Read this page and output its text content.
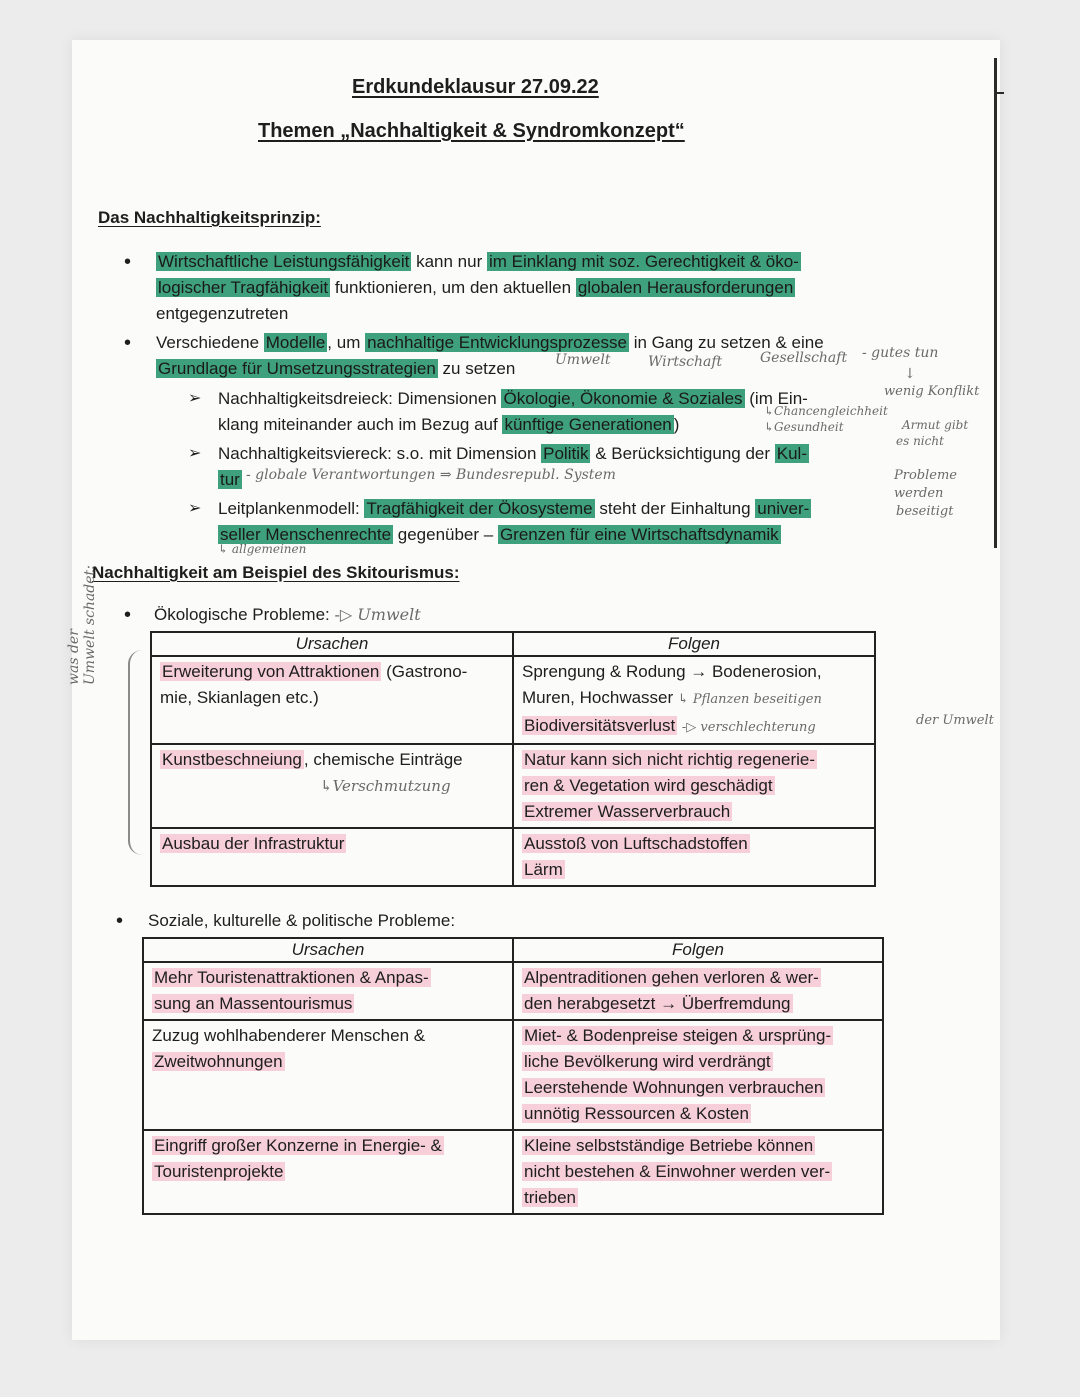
Erdkundeklausur 27.09.22
Themen „Nachhaltigkeit & Syndromkonzept“
Das Nachhaltigkeitsprinzip:
• Wirtschaftliche Leistungsfähigkeit kann nur im Einklang mit soz. Gerechtigkeit & öko-
logischer Tragfähigkeit funktionieren, um den aktuellen globalen Herausforderungen
entgegenzutreten
• Verschiedene Modelle , um nachhaltige Entwicklungsprozesse in Gang zu setzen & eine
Grundlage für Umsetzungsstrategien zu setzen
➢ Nachhaltigkeitsdreieck: Dimensionen Ökologie, Ökonomie & Soziales (im Ein-
klang miteinander auch im Bezug auf künftige Generationen )
➢ Nachhaltigkeitsviereck: s.o. mit Dimension Politik & Berücksichtigung der Kul-
tur
➢ Leitplankenmodell: Tragfähigkeit der Ökosysteme steht der Einhaltung univer-
seller Menschenrechte gegenüber – Grenzen für eine Wirtschaftsdynamik
Umwelt	Wirtschaft	Gesellschaft - gutes tun
↓
wenig Konflikt
↳Chancengleichheit
↳Gesundheit	Armut gibt
es nicht
Probleme
werden
beseitigt
- globale Verantwortungen ⇒ Bundesrepubl. System
↳ allgemeinen
Nachhaltigkeit am Beispiel des Skitourismus:
• Ökologische Probleme: -▷ Umwelt
was der Umwelt schadet:	Ursachen	Folgen
Erweiterung von Attraktionen (Gastrono-
mie, Skianlagen etc.)	Sprengung & Rodung → Bodenerosion,
Muren, Hochwasser ↳ Pflanzen beseitigen
Biodiversitätsverlust -▷ verschlechterung
Kunstbeschneiung , chemische Einträge
↳Verschmutzung	Natur kann sich nicht richtig regenerie-
ren & Vegetation wird geschädigt
Extremer Wasserverbrauch
Ausbau der Infrastruktur	Ausstoß von Luftschadstoffen
Lärm
der Umwelt
• Soziale, kulturelle & politische Probleme:
Ursachen	Folgen
Mehr Touristenattraktionen & Anpas-
sung an Massentourismus	Alpentraditionen gehen verloren & wer-
den herabgesetzt → Überfremdung
Zuzug wohlhabenderer Menschen &
Zweitwohnungen	Miet- & Bodenpreise steigen & ursprüng-
liche Bevölkerung wird verdrängt
Leerstehende Wohnungen verbrauchen
unnötig Ressourcen & Kosten
Eingriff großer Konzerne in Energie- &
Touristenprojekte	Kleine selbstständige Betriebe können
nicht bestehen & Einwohner werden ver-
trieben
